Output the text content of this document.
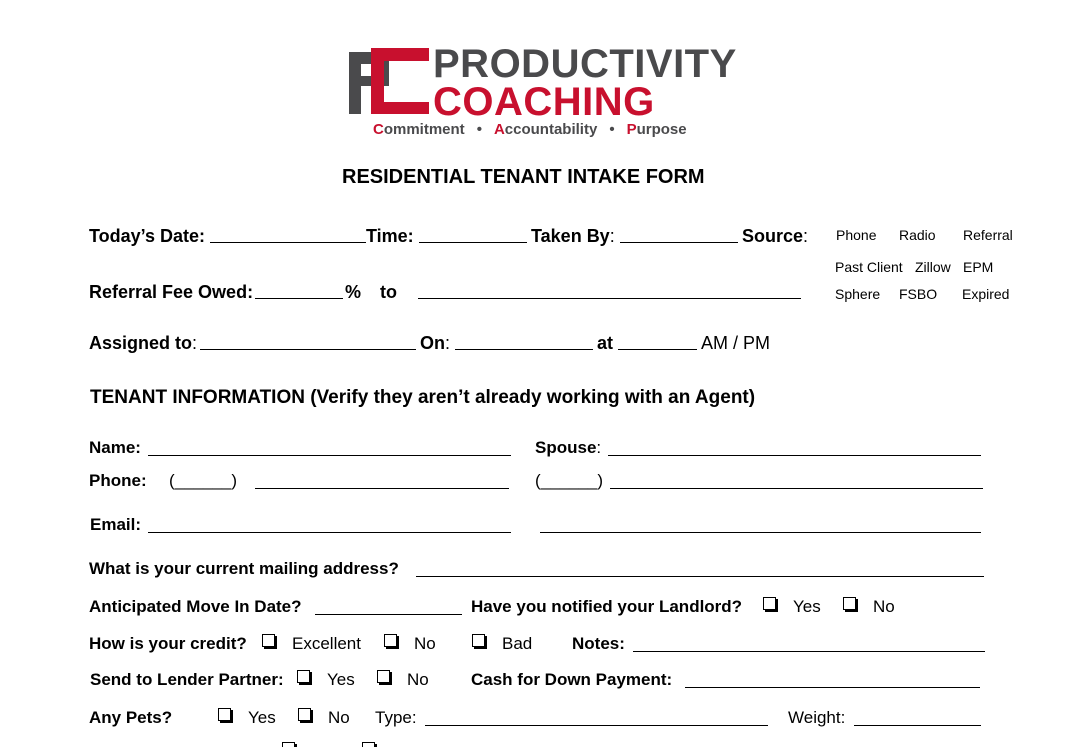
PRODUCTIVITY
COACHING
Commitment • Accountability • Purpose
RESIDENTIAL TENANT INTAKE FORM
Today’s Date:	Time:	Taken By:	Source: Phone Radio Referral
Past Client Zillow EPM
Sphere FSBO Expired
Referral Fee Owed:	% to
Assigned to:	On:	at	AM / PM
TENANT INFORMATION (Verify they aren’t already working with an Agent)
Name:	Spouse:
Phone: (______)	(______)
Email:
What is your current mailing address?
Anticipated Move In Date?	Have you notified your Landlord?	Yes	No
How is your credit?	Excellent	No	Bad Notes:
Send to Lender Partner:	Yes	No Cash for Down Payment:
Any Pets?	Yes	No Type:	Weight:
